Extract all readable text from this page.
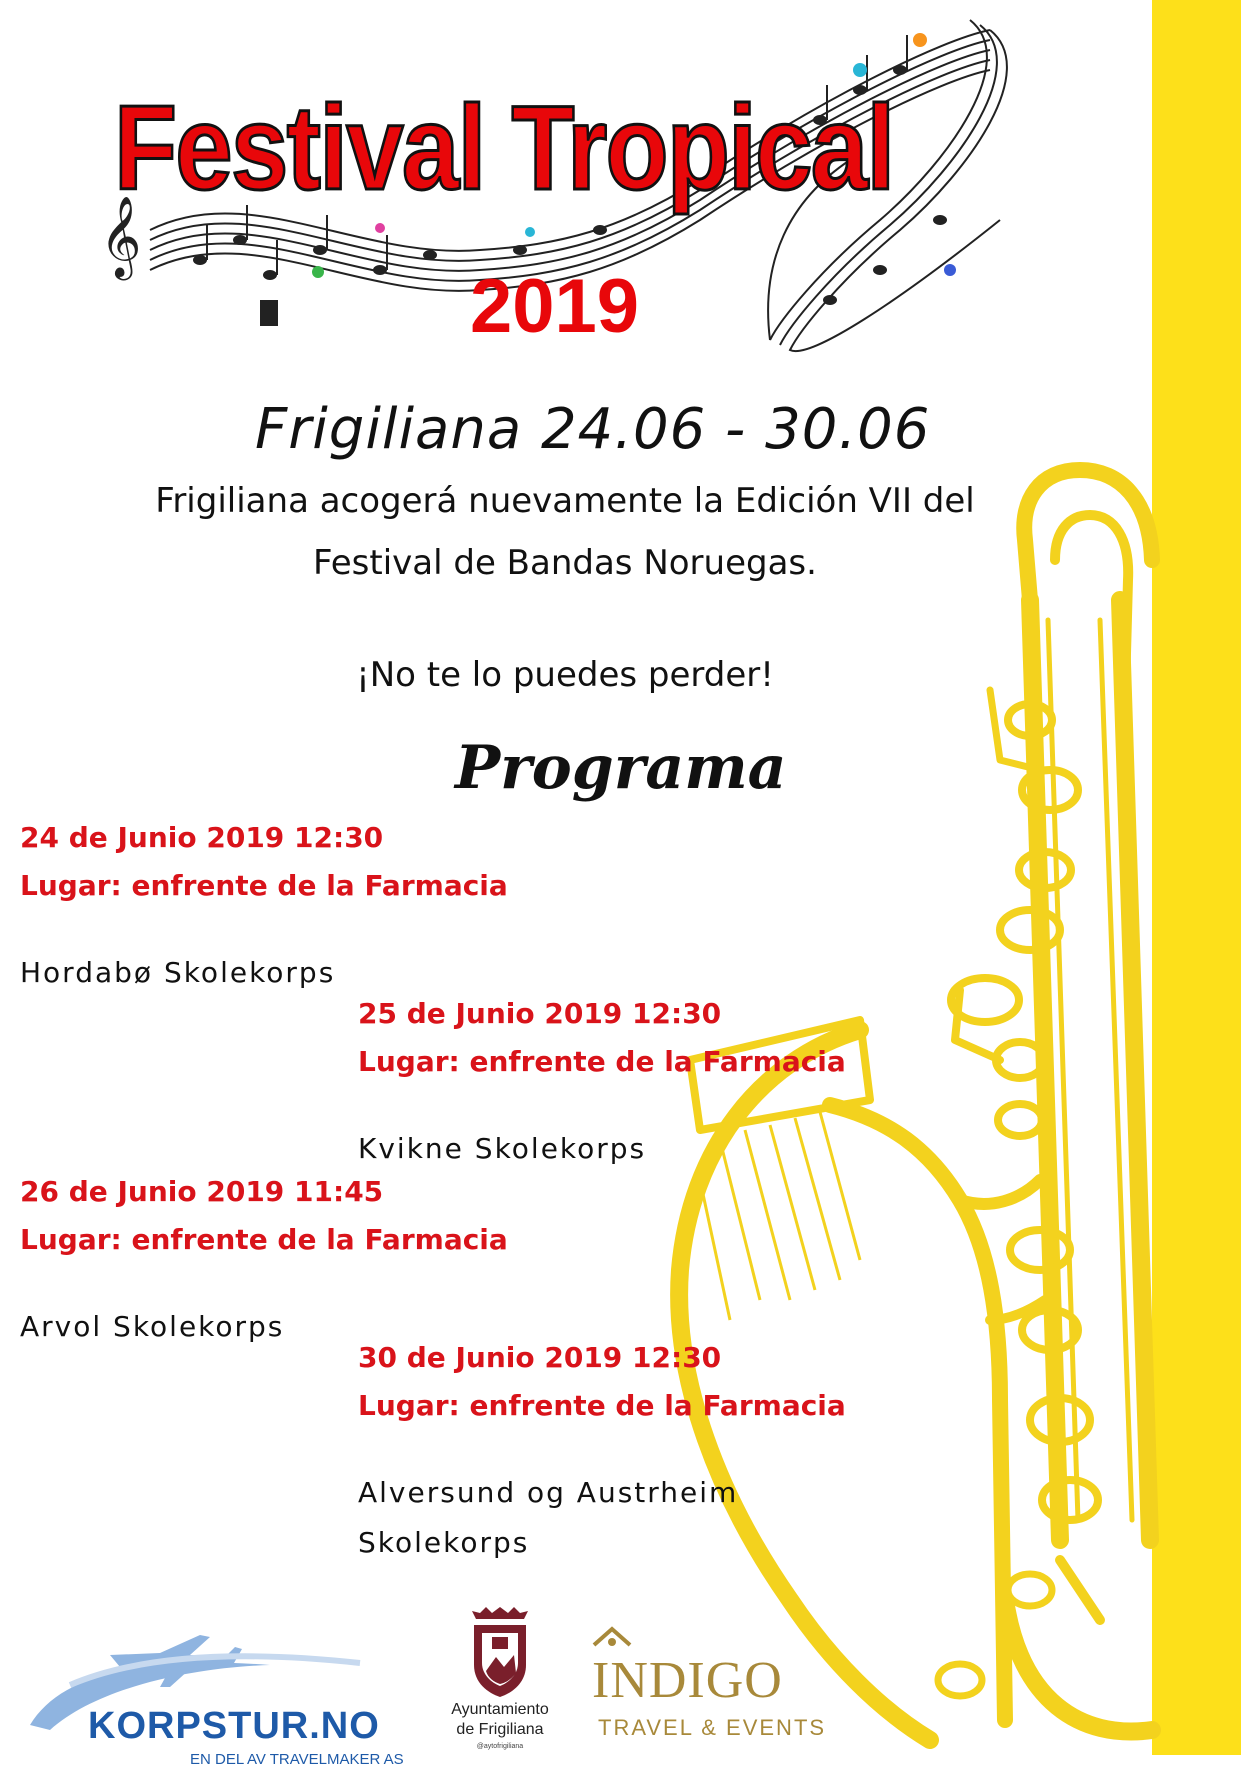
𝄞
Festival Tropical
2019
Frigiliana 24.06 - 30.06
Frigiliana acogerá nuevamente la Edición VII del
Festival de Bandas Noruegas.
¡No te lo puedes perder!
Programa
24 de Junio 2019 12:30
Lugar: enfrente de la Farmacia
Hordabø Skolekorps
25 de Junio 2019 12:30
Lugar: enfrente de la Farmacia
Kvikne Skolekorps
26 de Junio 2019 11:45
Lugar: enfrente de la Farmacia
Arvol Skolekorps
30 de Junio 2019 12:30
Lugar: enfrente de la Farmacia
Alversund og Austrheim Skolekorps
KORPSTUR.NO
EN DEL AV TRAVELMAKER AS
Ayuntamiento
de Frigiliana
@aytofrigiliana
INDIGO
TRAVEL & EVENTS
